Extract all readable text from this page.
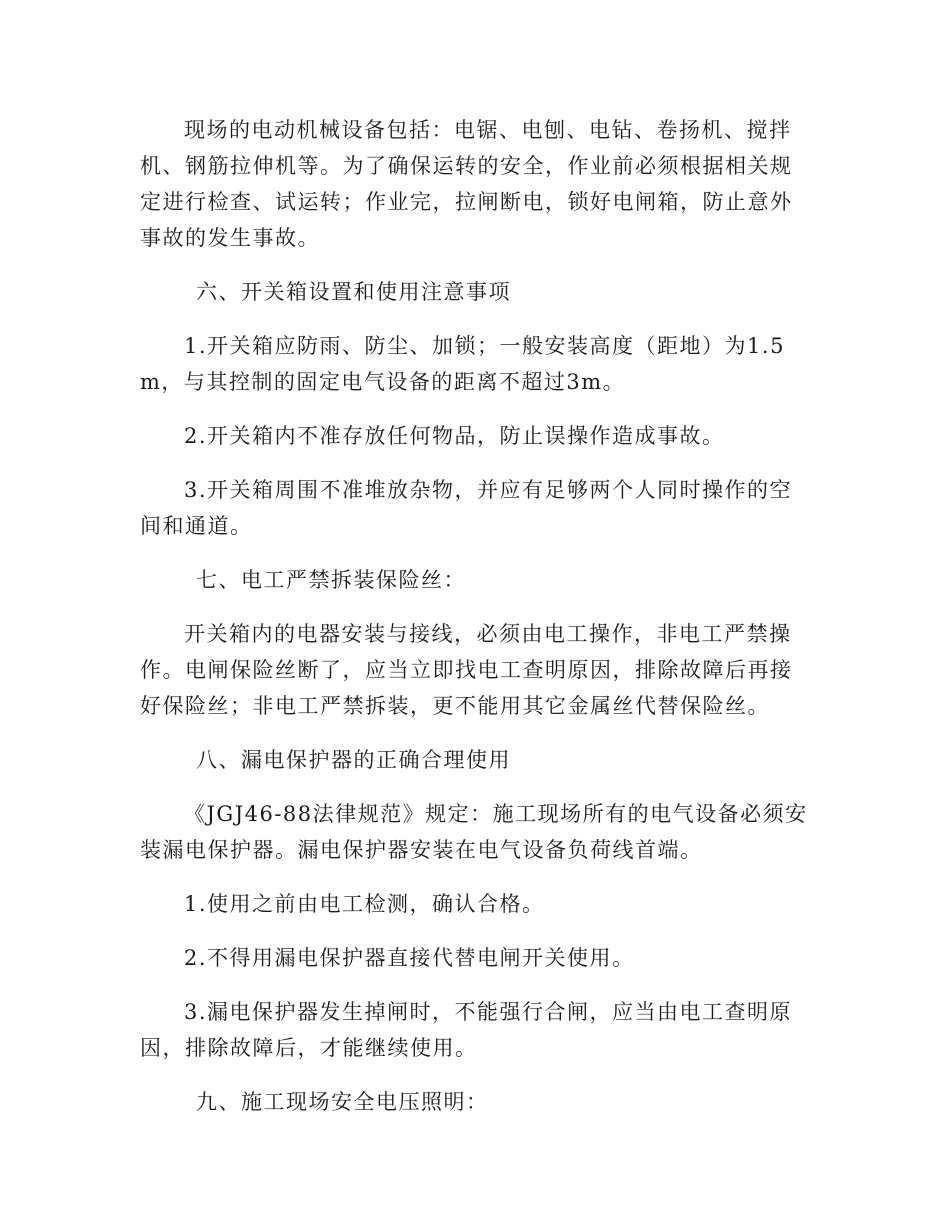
现场的电动机械设备包括：电锯、电刨、电钻、卷扬机、搅拌机、钢筋拉伸机等。为了确保运转的安全，作业前必须根据相关规定进行检查、试运转；作业完，拉闸断电，锁好电闸箱，防止意外事故的发生事故。

六、开关箱设置和使用注意事项

1.开关箱应防雨、防尘、加锁；一般安装高度（距地）为1.5m，与其控制的固定电气设备的距离不超过3m。

2.开关箱内不准存放任何物品，防止误操作造成事故。

3.开关箱周围不准堆放杂物，并应有足够两个人同时操作的空间和通道。

七、电工严禁拆装保险丝：

开关箱内的电器安装与接线，必须由电工操作，非电工严禁操作。电闸保险丝断了，应当立即找电工查明原因，排除故障后再接好保险丝；非电工严禁拆装，更不能用其它金属丝代替保险丝。

八、漏电保护器的正确合理使用

《JGJ46-88法律规范》规定：施工现场所有的电气设备必须安装漏电保护器。漏电保护器安装在电气设备负荷线首端。

1.使用之前由电工检测，确认合格。

2.不得用漏电保护器直接代替电闸开关使用。

3.漏电保护器发生掉闸时，不能强行合闸，应当由电工查明原因，排除故障后，才能继续使用。

九、施工现场安全电压照明：
